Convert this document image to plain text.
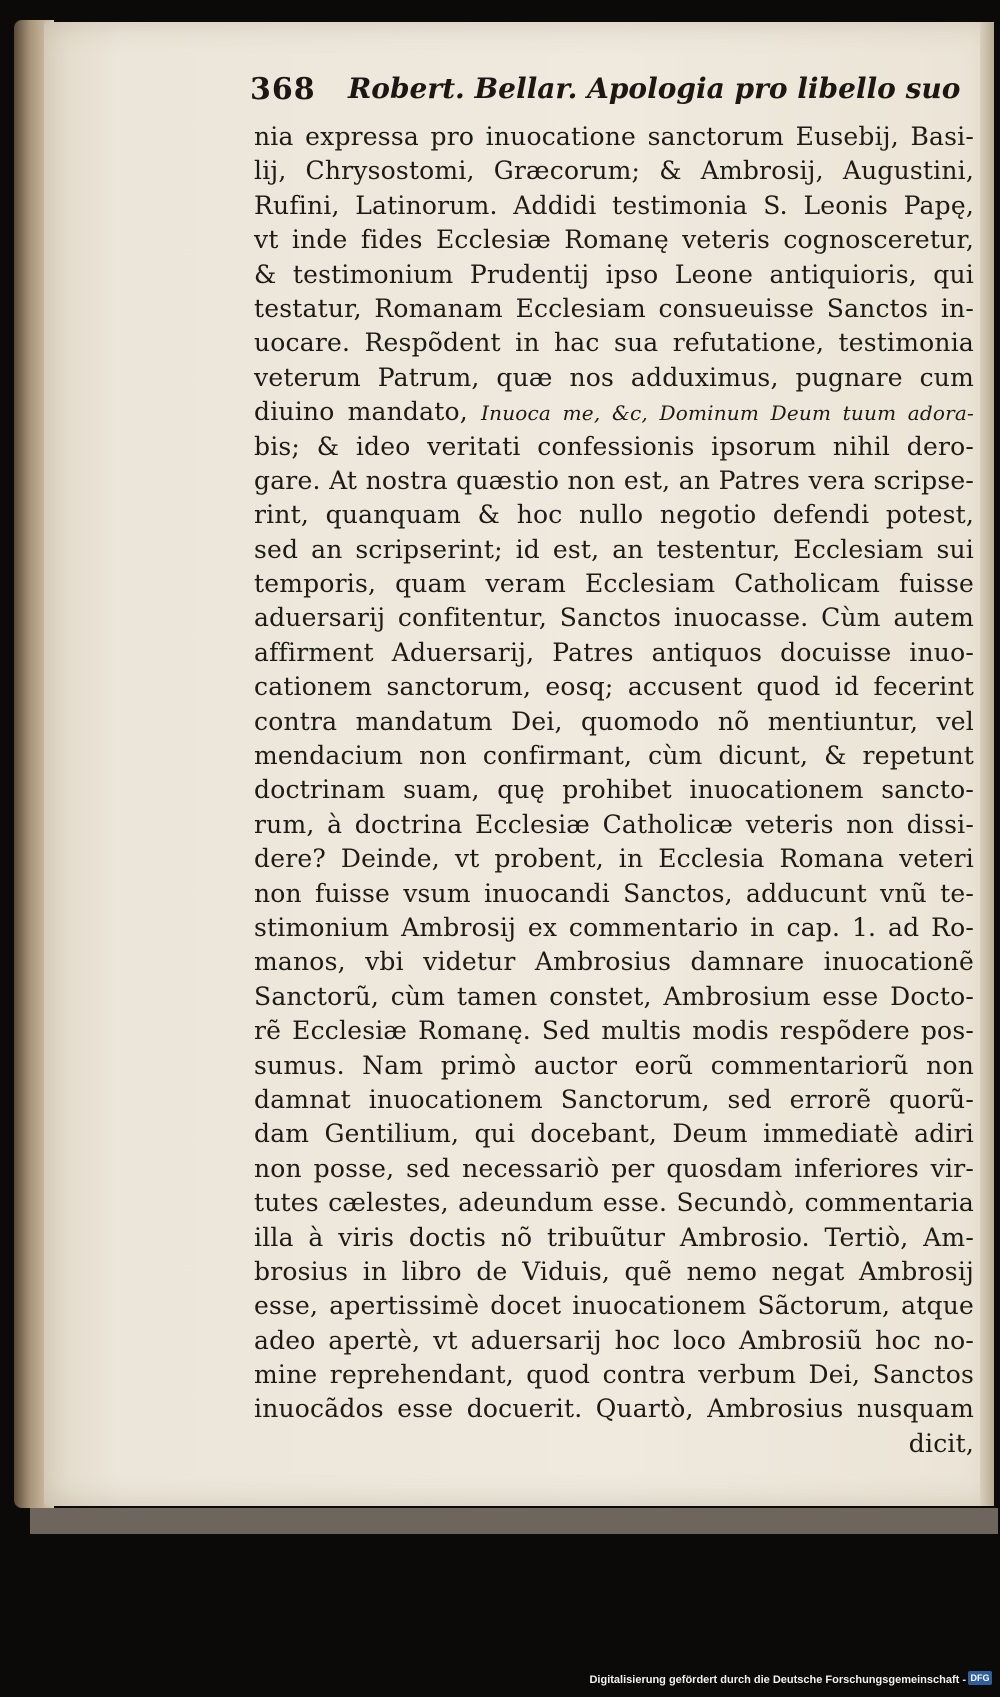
368 Robert. Bellar. Apologia pro libello suo
nia expressa pro inuocatione sanctorum Eusebij, Basi-
lij, Chrysostomi, Græcorum; & Ambrosij, Augustini,
Rufini, Latinorum. Addidi testimonia S. Leonis Papę,
vt inde fides Ecclesiæ Romanę veteris cognosceretur,
& testimonium Prudentij ipso Leone antiquioris, qui
testatur, Romanam Ecclesiam consueuisse Sanctos in-
uocare. Respõdent in hac sua refutatione, testimonia
veterum Patrum, quæ nos adduximus, pugnare cum
diuino mandato, Inuoca me, &c, Dominum Deum tuum adora-
bis; & ideo veritati confessionis ipsorum nihil dero-
gare. At nostra quæstio non est, an Patres vera scripse-
rint, quanquam & hoc nullo negotio defendi potest,
sed an scripserint; id est, an testentur, Ecclesiam sui
temporis, quam veram Ecclesiam Catholicam fuisse
aduersarij confitentur, Sanctos inuocasse. Cùm autem
affirment Aduersarij, Patres antiquos docuisse inuo-
cationem sanctorum, eosq; accusent quod id fecerint
contra mandatum Dei, quomodo nõ mentiuntur, vel
mendacium non confirmant, cùm dicunt, & repetunt
doctrinam suam, quę prohibet inuocationem sancto-
rum, à doctrina Ecclesiæ Catholicæ veteris non dissi-
dere? Deinde, vt probent, in Ecclesia Romana veteri
non fuisse vsum inuocandi Sanctos, adducunt vnũ te-
stimonium Ambrosij ex commentario in cap. 1. ad Ro-
manos, vbi videtur Ambrosius damnare inuocationẽ
Sanctorũ, cùm tamen constet, Ambrosium esse Docto-
rẽ Ecclesiæ Romanę. Sed multis modis respõdere pos-
sumus. Nam primò auctor eorũ commentariorũ non
damnat inuocationem Sanctorum, sed errorẽ quorũ-
dam Gentilium, qui docebant, Deum immediatè adiri
non posse, sed necessariò per quosdam inferiores vir-
tutes cælestes, adeundum esse. Secundò, commentaria
illa à viris doctis nõ tribuũtur Ambrosio. Tertiò, Am-
brosius in libro de Viduis, quẽ nemo negat Ambrosij
esse, apertissimè docet inuocationem Sãctorum, atque
adeo apertè, vt aduersarij hoc loco Ambrosiũ hoc no-
mine reprehendant, quod contra verbum Dei, Sanctos
inuocãdos esse docuerit. Quartò, Ambrosius nusquam
dicit,
Digitalisierung gefördert durch die Deutsche Forschungsgemeinschaft - DFG
